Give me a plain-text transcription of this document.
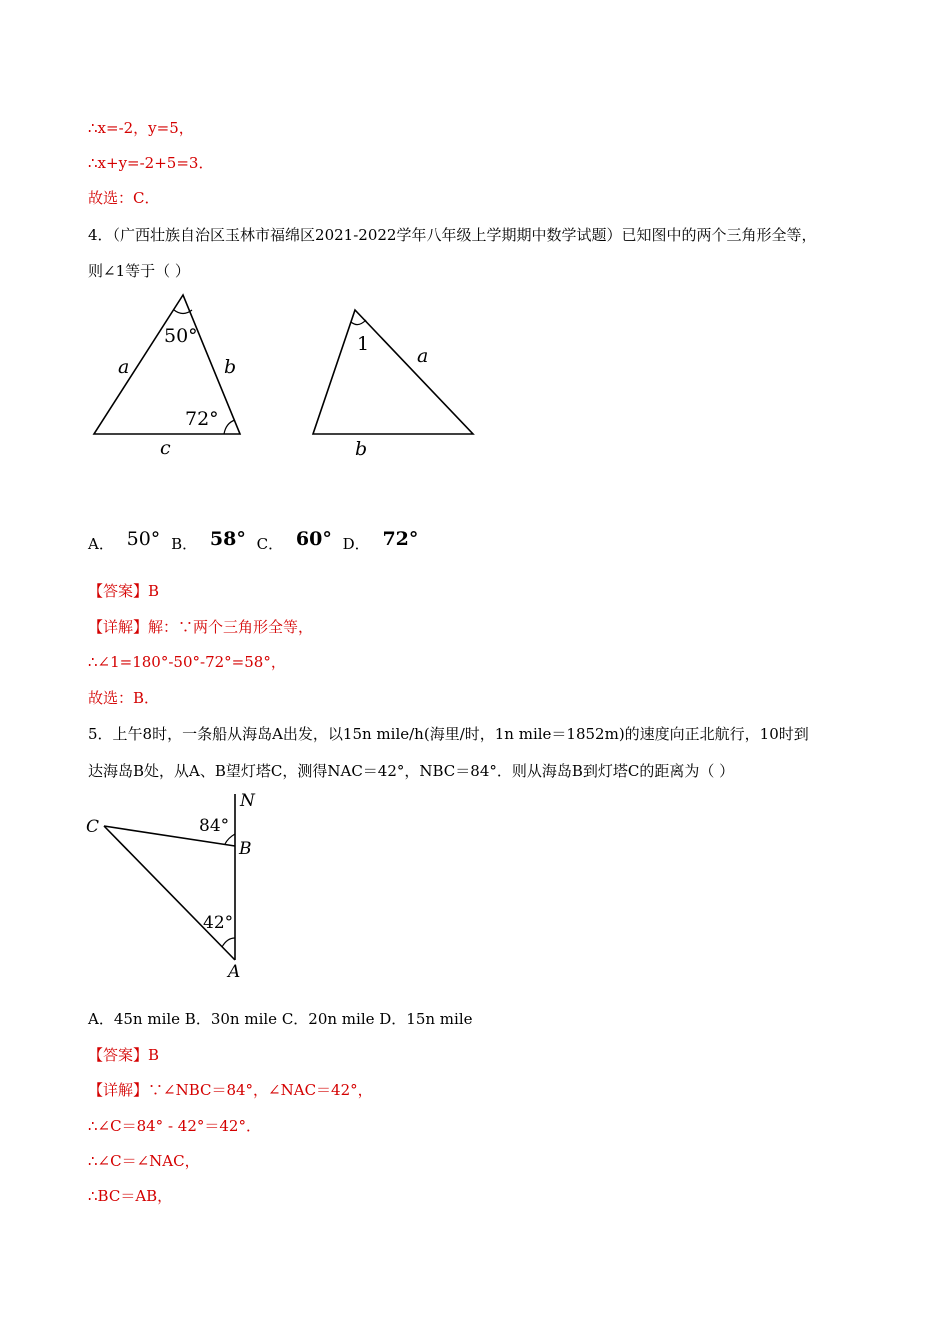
∴x=-2，y=5，
∴x+y=-2+5=3．
故选：C．
4．（广西壮族自治区玉林市福绵区2021-2022学年八年级上学期期中数学试题）已知图中的两个三角形全等，
则∠1等于（ ）
50°
72°
a	b
c
1
a
b
A． 50° B． 58° C． 60° D． 72°
【答案】B
【详解】解：∵两个三角形全等，
∴∠1=180°-50°-72°=58°，
故选：B．
5．上午8时，一条船从海岛A出发，以15n mile/h(海里/时，1n mile＝1852m)的速度向正北航行，10时到
达海岛B处，从A、B望灯塔C，测得NAC＝42°，NBC＝84°．则从海岛B到灯塔C的距离为（ ）
N
C
B
A
84°
42°
A．45n mile B．30n mile C．20n mile D．15n mile
【答案】B
【详解】∵∠NBC＝84°，∠NAC＝42°，
∴∠C＝84° - 42°＝42°．
∴∠C＝∠NAC，
∴BC＝AB，
